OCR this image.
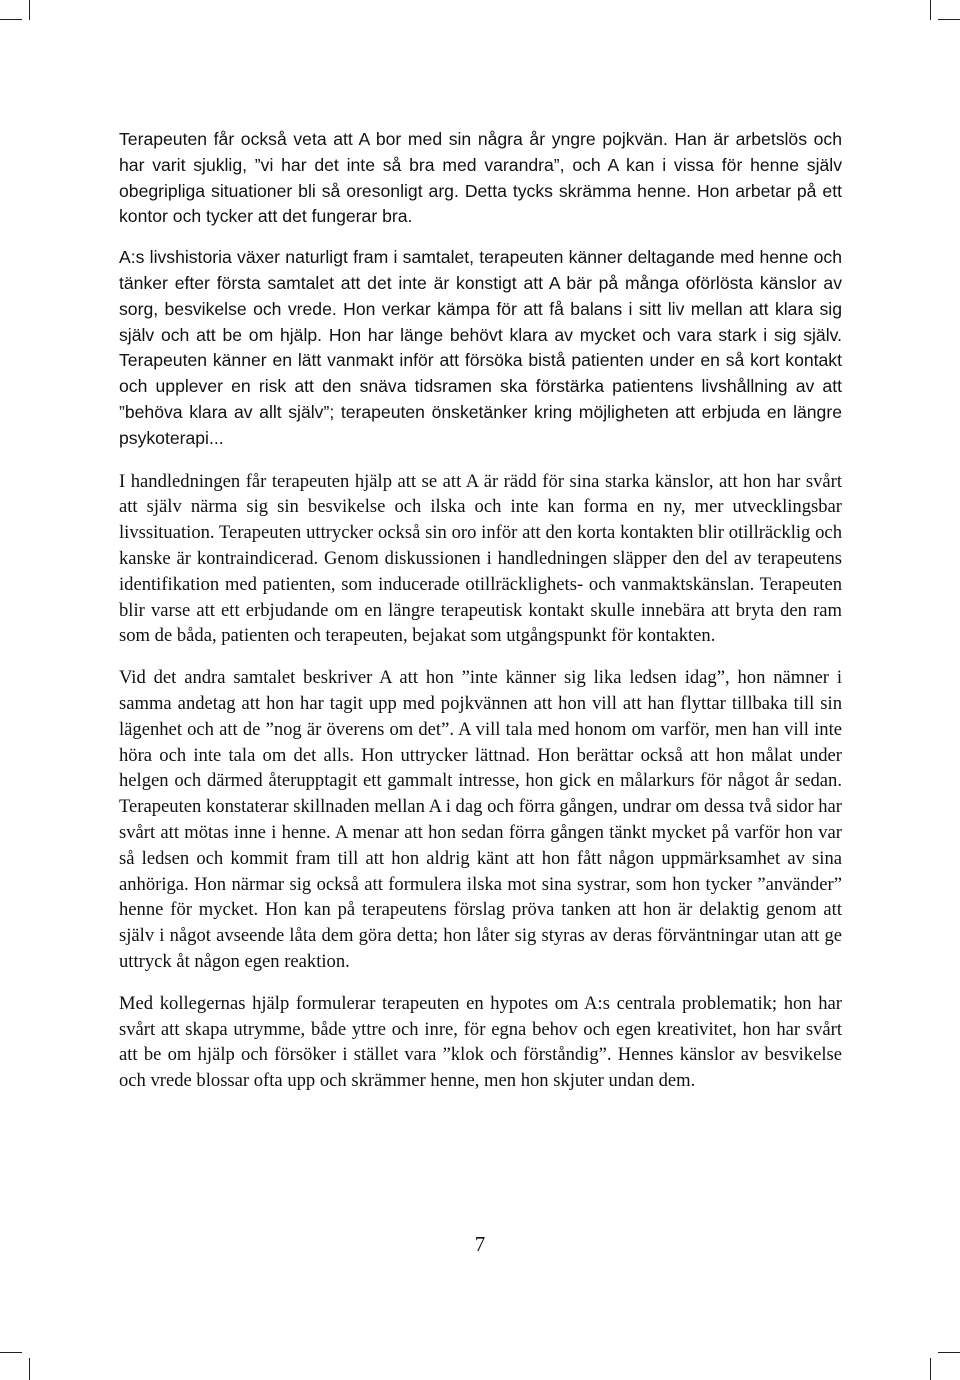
Terapeuten får också veta att A bor med sin några år yngre pojkvän. Han är arbetslös och har varit sjuklig, ”vi har det inte så bra med varandra”, och A kan i vissa för henne själv obegripliga situationer bli så oresonligt arg. Detta tycks skrämma henne. Hon arbetar på ett kontor och tycker att det fungerar bra.

A:s livshistoria växer naturligt fram i samtalet, terapeuten känner deltagande med henne och tänker efter första samtalet att det inte är konstigt att A bär på många oförlösta känslor av sorg, besvikelse och vrede. Hon verkar kämpa för att få balans i sitt liv mellan att klara sig själv och att be om hjälp. Hon har länge behövt klara av mycket och vara stark i sig själv. Terapeuten känner en lätt vanmakt inför att försöka bistå patienten under en så kort kontakt och upplever en risk att den snäva tidsramen ska förstärka patientens livshållning av att ”behöva klara av allt själv”; terapeuten önsketänker kring möjligheten att erbjuda en längre psykoterapi...

I handledningen får terapeuten hjälp att se att A är rädd för sina starka känslor, att hon har svårt att själv närma sig sin besvikelse och ilska och inte kan forma en ny, mer utvecklingsbar livssituation. Terapeuten uttrycker också sin oro inför att den korta kontakten blir otillräcklig och kanske är kontraindicerad. Genom diskussionen i handledningen släpper den del av terapeutens identifikation med patienten, som inducerade otillräcklighets- och vanmaktskänslan. Terapeuten blir varse att ett erbjudande om en längre terapeutisk kontakt skulle innebära att bryta den ram som de båda, patienten och terapeuten, bejakat som utgångspunkt för kontakten.

Vid det andra samtalet beskriver A att hon ”inte känner sig lika ledsen idag”, hon nämner i samma andetag att hon har tagit upp med pojkvännen att hon vill att han flyttar tillbaka till sin lägenhet och att de ”nog är överens om det”. A vill tala med honom om varför, men han vill inte höra och inte tala om det alls. Hon uttrycker lättnad. Hon berättar också att hon målat under helgen och därmed återupptagit ett gammalt intresse, hon gick en målarkurs för något år sedan. Terapeuten konstaterar skillnaden mellan A i dag och förra gången, undrar om dessa två sidor har svårt att mötas inne i henne. A menar att hon sedan förra gången tänkt mycket på varför hon var så ledsen och kommit fram till att hon aldrig känt att hon fått någon uppmärksamhet av sina anhöriga. Hon närmar sig också att formulera ilska mot sina systrar, som hon tycker ”använder” henne för mycket. Hon kan på terapeutens förslag pröva tanken att hon är delaktig genom att själv i något avseende låta dem göra detta; hon låter sig styras av deras förväntningar utan att ge uttryck åt någon egen reaktion.

Med kollegernas hjälp formulerar terapeuten en hypotes om A:s centrala problematik; hon har svårt att skapa utrymme, både yttre och inre, för egna behov och egen kreativitet, hon har svårt att be om hjälp och försöker i stället vara ”klok och förståndig”. Hennes känslor av besvikelse och vrede blossar ofta upp och skrämmer henne, men hon skjuter undan dem.

7
